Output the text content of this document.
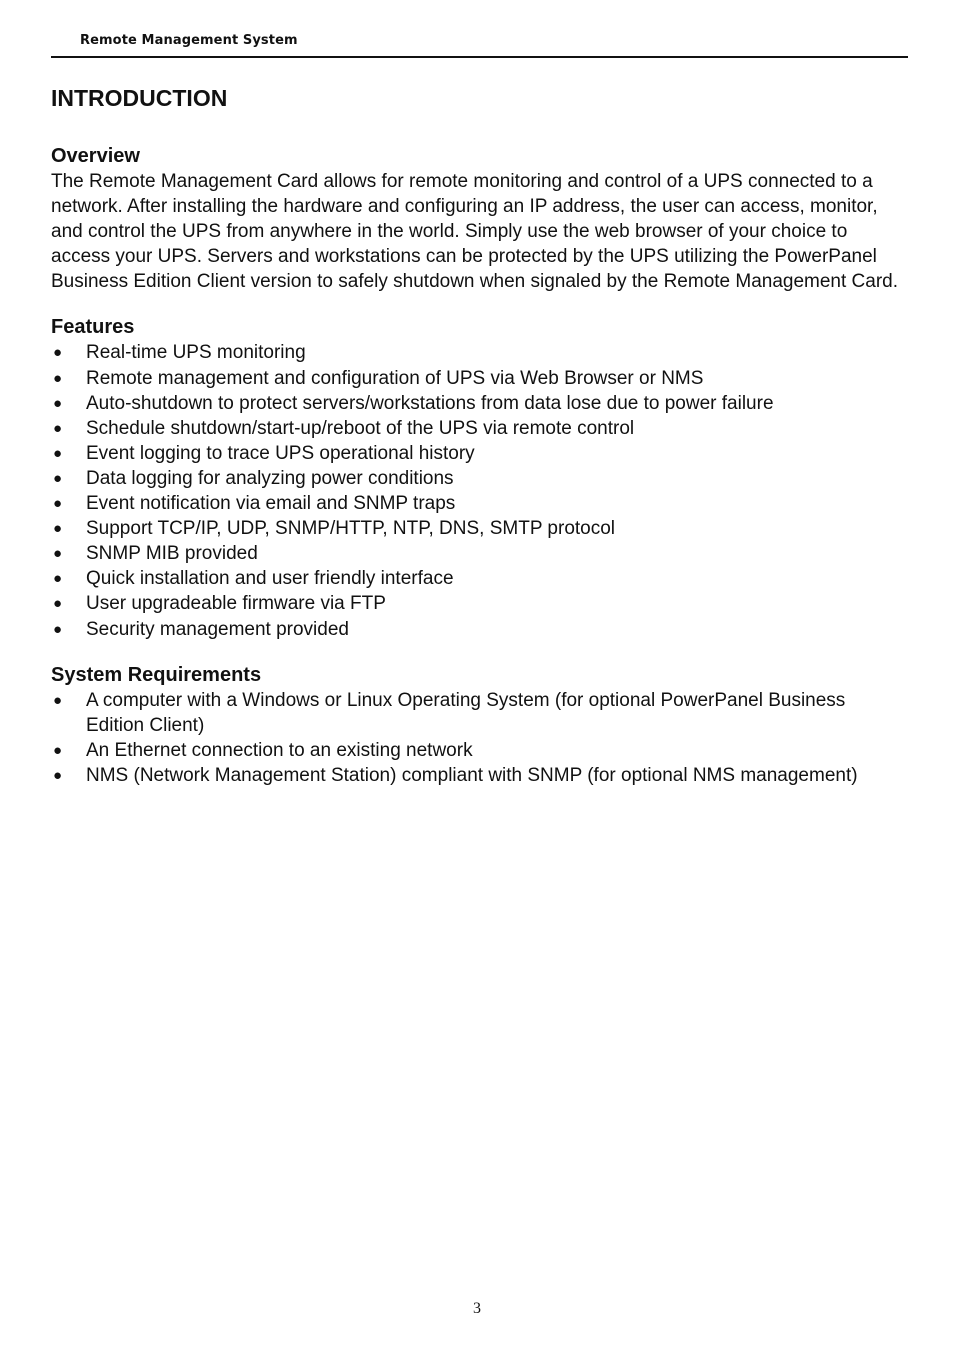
Remote Management System
INTRODUCTION
Overview

The Remote Management Card allows for remote monitoring and control of a UPS connected to a network. After installing the hardware and configuring an IP address, the user can access, monitor, and control the UPS from anywhere in the world. Simply use the web browser of your choice to access your UPS. Servers and workstations can be protected by the UPS utilizing the PowerPanel Business Edition Client version to safely shutdown when signaled by the Remote Management Card.

Features
● Real-time UPS monitoring
● Remote management and configuration of UPS via Web Browser or NMS
● Auto-shutdown to protect servers/workstations from data lose due to power failure
● Schedule shutdown/start-up/reboot of the UPS via remote control
● Event logging to trace UPS operational history
● Data logging for analyzing power conditions
● Event notification via email and SNMP traps
● Support TCP/IP, UDP, SNMP/HTTP, NTP, DNS, SMTP protocol
● SNMP MIB provided
● Quick installation and user friendly interface
● User upgradeable firmware via FTP
● Security management provided
System Requirements
● A computer with a Windows or Linux Operating System (for optional PowerPanel Business Edition Client)
● An Ethernet connection to an existing network
● NMS (Network Management Station) compliant with SNMP (for optional NMS management)
3
